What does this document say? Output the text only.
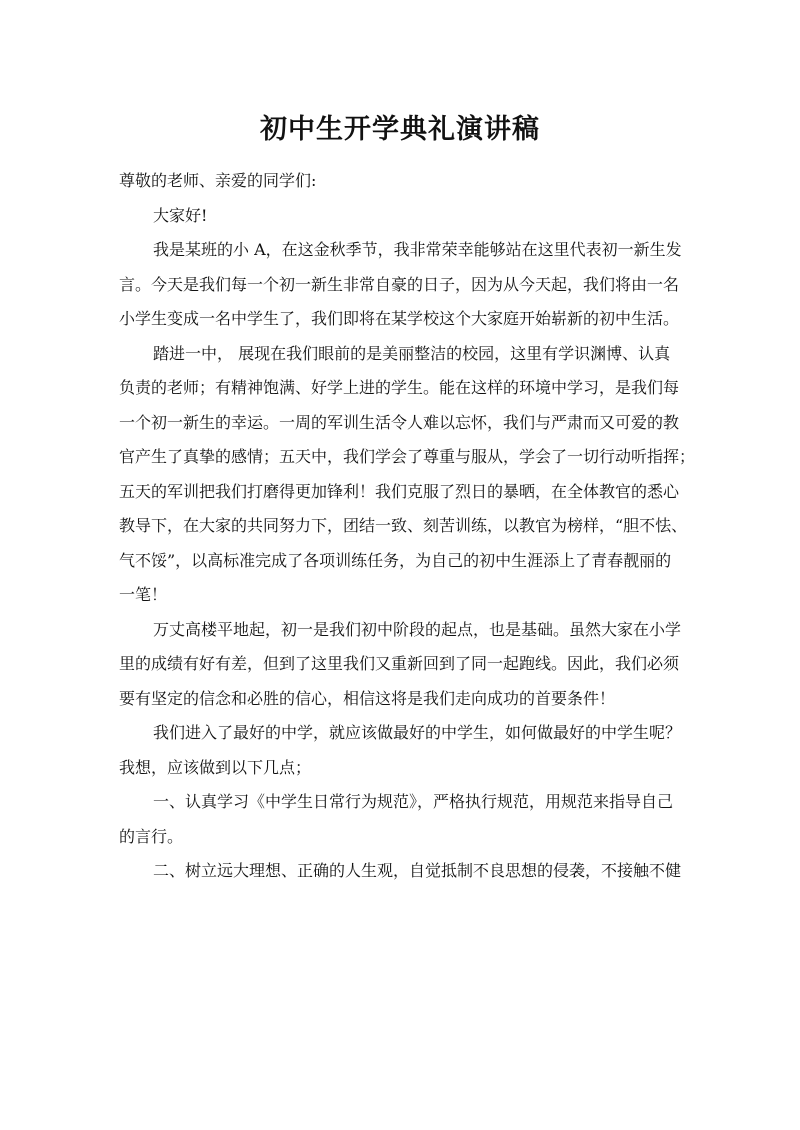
初中生开学典礼演讲稿
尊敬的老师、亲爱的同学们:
大家好!
我是某班的小 A，在这金秋季节，我非常荣幸能够站在这里代表初一新生发
言。今天是我们每一个初一新生非常自豪的日子，因为从今天起，我们将由一名
小学生变成一名中学生了，我们即将在某学校这个大家庭开始崭新的初中生活。
踏进一中， 展现在我们眼前的是美丽整洁的校园，这里有学识渊博、认真
负责的老师；有精神饱满、好学上进的学生。能在这样的环境中学习，是我们每
一个初一新生的幸运。一周的军训生活令人难以忘怀，我们与严肃而又可爱的教
官产生了真挚的感情；五天中，我们学会了尊重与服从，学会了一切行动听指挥；
五天的军训把我们打磨得更加锋利！我们克服了烈日的暴晒，在全体教官的悉心
教导下，在大家的共同努力下，团结一致、刻苦训练，以教官为榜样，“胆不怯、
气不馁”，以高标准完成了各项训练任务，为自己的初中生涯添上了青春靓丽的
一笔！
万丈高楼平地起，初一是我们初中阶段的起点，也是基础。虽然大家在小学
里的成绩有好有差，但到了这里我们又重新回到了同一起跑线。因此，我们必须
要有坚定的信念和必胜的信心，相信这将是我们走向成功的首要条件！
我们进入了最好的中学，就应该做最好的中学生，如何做最好的中学生呢？
我想，应该做到以下几点；
一、认真学习《中学生日常行为规范》，严格执行规范，用规范来指导自己
的言行。
二、树立远大理想、正确的人生观，自觉抵制不良思想的侵袭，不接触不健
